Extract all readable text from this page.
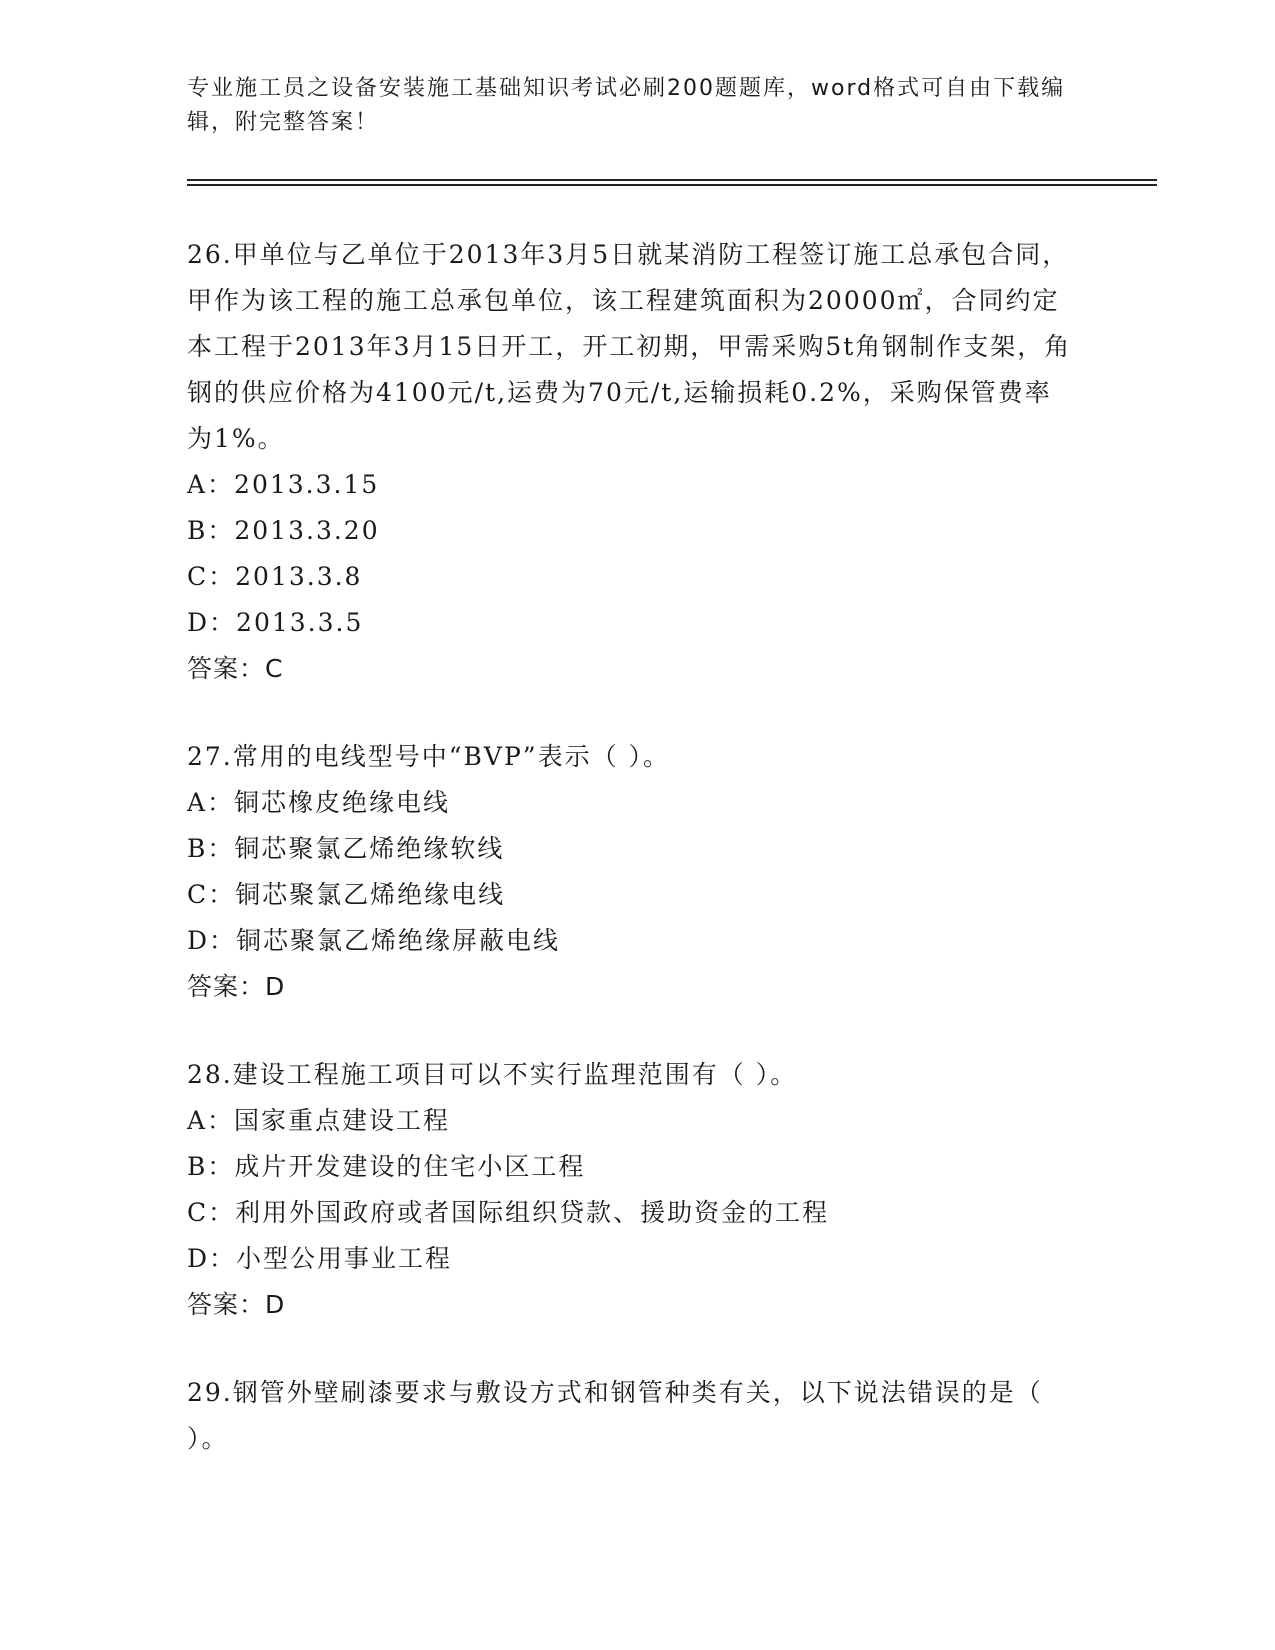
专业施工员之设备安装施工基础知识考试必刷200题题库，word格式可自由下载编辑，附完整答案！

26.甲单位与乙单位于2013年3月5日就某消防工程签订施工总承包合同，甲作为该工程的施工总承包单位，该工程建筑面积为20000㎡，合同约定本工程于2013年3月15日开工，开工初期，甲需采购5t角钢制作支架，角钢的供应价格为4100元/t,运费为70元/t,运输损耗0.2%，采购保管费率为1%。

A：2013.3.15

B：2013.3.20

C：2013.3.8

D：2013.3.5

答案：C

27.常用的电线型号中“BVP”表示（ ）。

A：铜芯橡皮绝缘电线

B：铜芯聚氯乙烯绝缘软线

C：铜芯聚氯乙烯绝缘电线

D：铜芯聚氯乙烯绝缘屏蔽电线

答案：D

28.建设工程施工项目可以不实行监理范围有（ ）。

A：国家重点建设工程

B：成片开发建设的住宅小区工程

C：利用外国政府或者国际组织贷款、援助资金的工程

D：小型公用事业工程

答案：D

29.钢管外壁刷漆要求与敷设方式和钢管种类有关，以下说法错误的是（ ）。
